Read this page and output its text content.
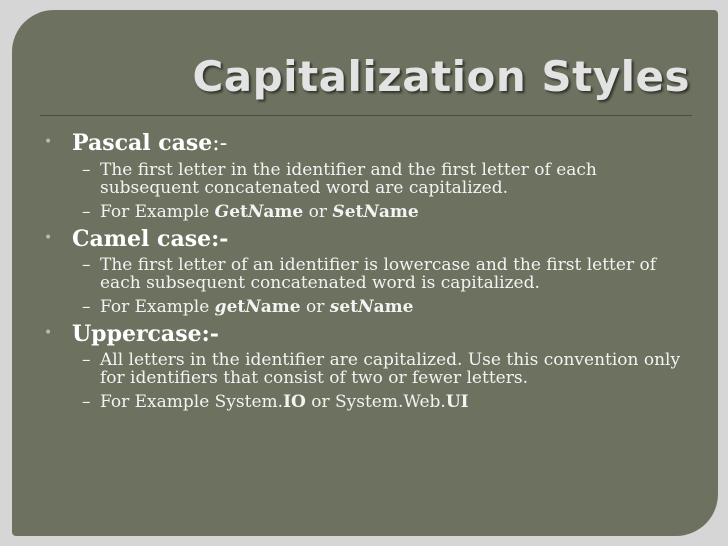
Capitalization Styles
• Pascal case:-
– The first letter in the identifier and the first letter of each subsequent concatenated word are capitalized.
– For Example GetName or SetName
• Camel case:-
– The first letter of an identifier is lowercase and the first letter of each subsequent concatenated word is capitalized.
– For Example getName or setName
• Uppercase:-
– All letters in the identifier are capitalized. Use this convention only for identifiers that consist of two or fewer letters.
– For Example System.IO or System.Web.UI
